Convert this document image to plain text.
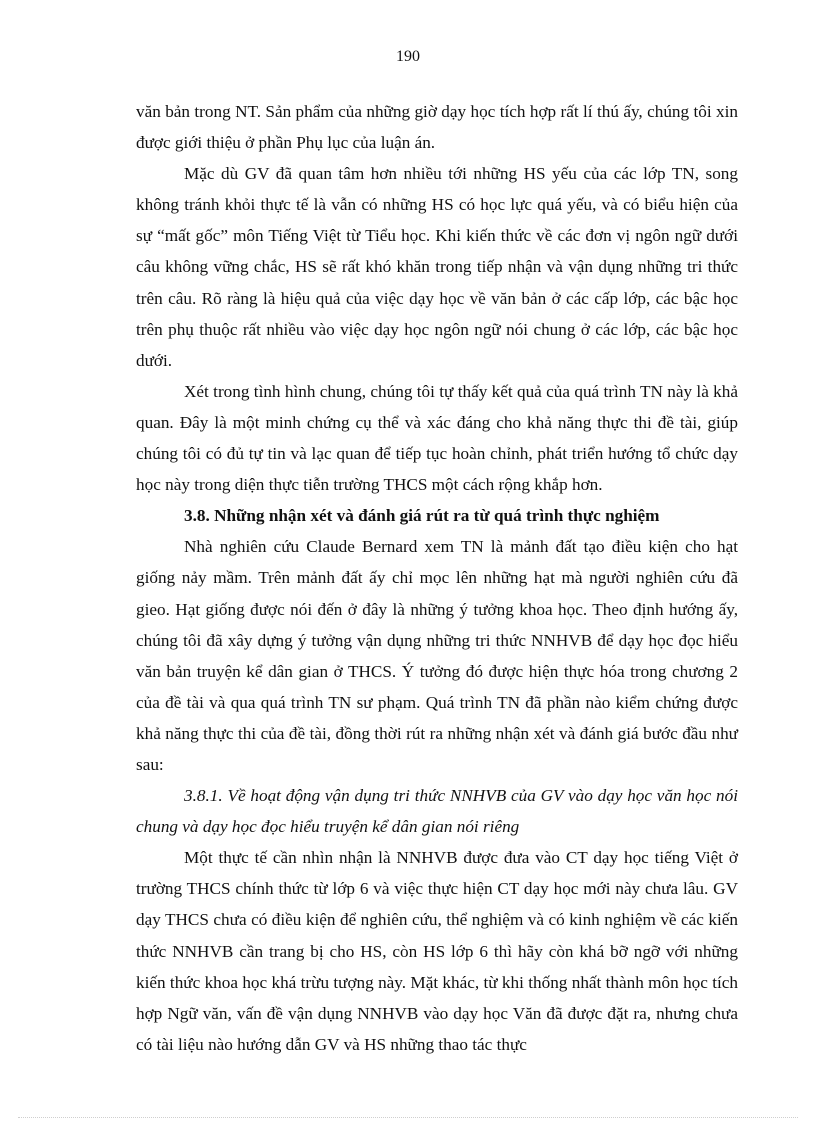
190

văn bản trong NT. Sản phẩm của những giờ dạy học tích hợp rất lí thú ấy, chúng tôi xin được giới thiệu ở phần Phụ lục của luận án.

Mặc dù GV đã quan tâm hơn nhiều tới những HS yếu của các lớp TN, song không tránh khỏi thực tế là vẫn có những HS có học lực quá yếu, và có biểu hiện của sự “mất gốc” môn Tiếng Việt từ Tiểu học. Khi kiến thức về các đơn vị ngôn ngữ dưới câu không vững chắc, HS sẽ rất khó khăn trong tiếp nhận và vận dụng những tri thức trên câu. Rõ ràng là hiệu quả của việc dạy học về văn bản ở các cấp lớp, các bậc học trên phụ thuộc rất nhiều vào việc dạy học ngôn ngữ nói chung ở các lớp, các bậc học dưới.

Xét trong tình hình chung, chúng tôi tự thấy kết quả của quá trình TN này là khả quan. Đây là một minh chứng cụ thể và xác đáng cho khả năng thực thi đề tài, giúp chúng tôi có đủ tự tin và lạc quan để tiếp tục hoàn chỉnh, phát triển hướng tổ chức dạy học này trong diện thực tiễn trường THCS một cách rộng khắp hơn.

3.8. Những nhận xét và đánh giá rút ra từ quá trình thực nghiệm

Nhà nghiên cứu Claude Bernard xem TN là mảnh đất tạo điều kiện cho hạt giống nảy mầm. Trên mảnh đất ấy chỉ mọc lên những hạt mà người nghiên cứu đã gieo. Hạt giống được nói đến ở đây là những ý tưởng khoa học. Theo định hướng ấy, chúng tôi đã xây dựng ý tưởng vận dụng những tri thức NNHVB để dạy học đọc hiểu văn bản truyện kể dân gian ở THCS. Ý tưởng đó được hiện thực hóa trong chương 2 của đề tài và qua quá trình TN sư phạm. Quá trình TN đã phần nào kiểm chứng được khả năng thực thi của đề tài, đồng thời rút ra những nhận xét và đánh giá bước đầu như sau:

3.8.1. Về hoạt động vận dụng tri thức NNHVB của GV vào dạy học văn học nói chung và dạy học đọc hiểu truyện kể dân gian nói riêng

Một thực tế cần nhìn nhận là NNHVB được đưa vào CT dạy học tiếng Việt ở trường THCS chính thức từ lớp 6 và việc thực hiện CT dạy học mới này chưa lâu. GV dạy THCS chưa có điều kiện để nghiên cứu, thể nghiệm và có kinh nghiệm về các kiến thức NNHVB cần trang bị cho HS, còn HS lớp 6 thì hãy còn khá bỡ ngỡ với những kiến thức khoa học khá trừu tượng này. Mặt khác, từ khi thống nhất thành môn học tích hợp Ngữ văn, vấn đề vận dụng NNHVB vào dạy học Văn đã được đặt ra, nhưng chưa có tài liệu nào hướng dẫn GV và HS những thao tác thực
